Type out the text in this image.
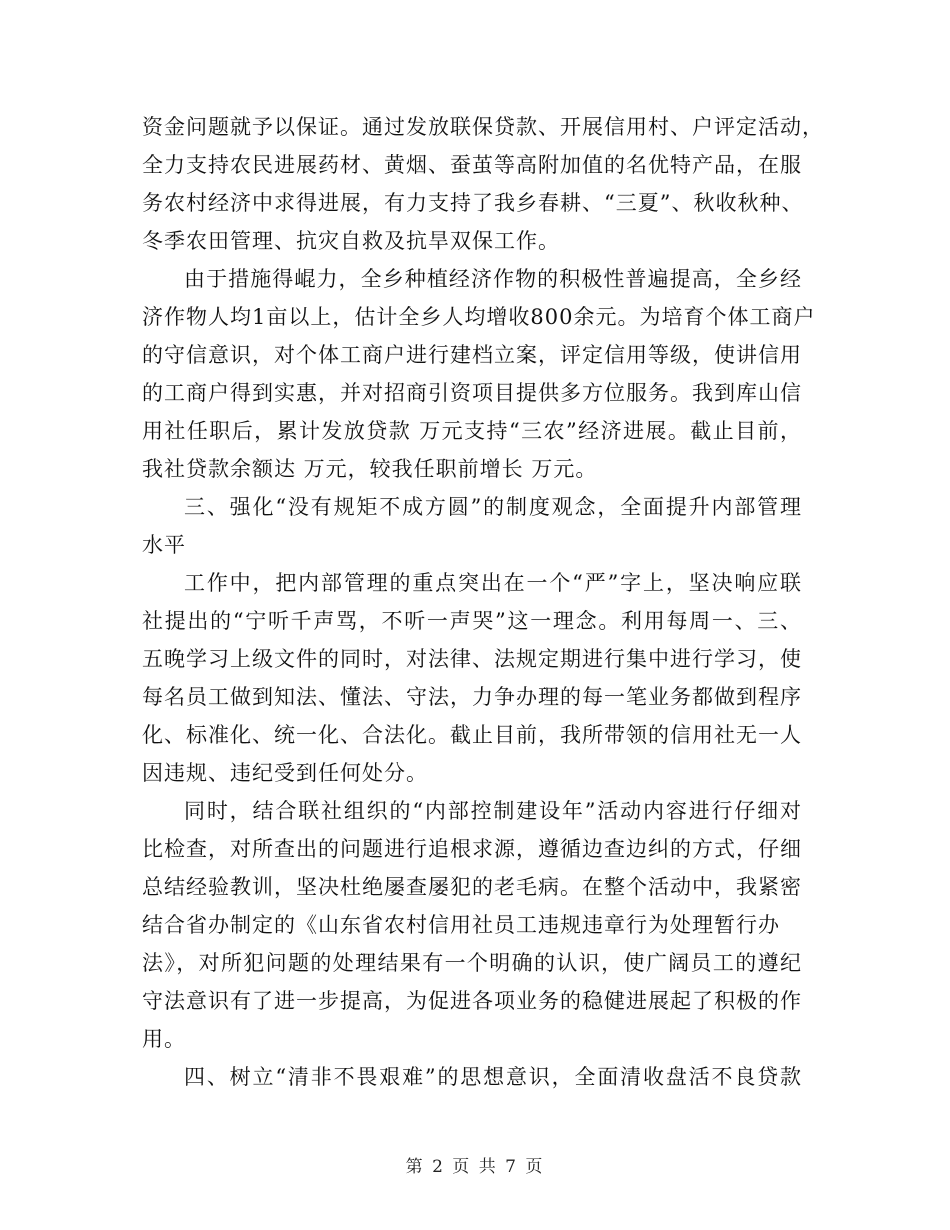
资金问题就予以保证。通过发放联保贷款、开展信用村、户评定活动，
全力支持农民进展药材、黄烟、蚕茧等高附加值的名优特产品，在服
务农村经济中求得进展，有力支持了我乡春耕、“三夏”、秋收秋种、
冬季农田管理、抗灾自救及抗旱双保工作。
由于措施得崐力，全乡种植经济作物的积极性普遍提高，全乡经
济作物人均1亩以上，估计全乡人均增收800余元。为培育个体工商户
的守信意识，对个体工商户进行建档立案，评定信用等级，使讲信用
的工商户得到实惠，并对招商引资项目提供多方位服务。我到库山信
用社任职后，累计发放贷款 万元支持“三农”经济进展。截止目前，
我社贷款余额达 万元，较我任职前增长 万元。
三、强化“没有规矩不成方圆”的制度观念，全面提升内部管理
水平
工作中，把内部管理的重点突出在一个“严”字上，坚决响应联
社提出的“宁听千声骂，不听一声哭”这一理念。利用每周一、三、
五晚学习上级文件的同时，对法律、法规定期进行集中进行学习，使
每名员工做到知法、懂法、守法，力争办理的每一笔业务都做到程序
化、标准化、统一化、合法化。截止目前，我所带领的信用社无一人
因违规、违纪受到任何处分。
同时，结合联社组织的“内部控制建设年”活动内容进行仔细对
比检查，对所查出的问题进行追根求源，遵循边查边纠的方式，仔细
总结经验教训，坚决杜绝屡查屡犯的老毛病。在整个活动中，我紧密
结合省办制定的《山东省农村信用社员工违规违章行为处理暂行办
法》，对所犯问题的处理结果有一个明确的认识，使广阔员工的遵纪
守法意识有了进一步提高，为促进各项业务的稳健进展起了积极的作
用。
四、树立“清非不畏艰难”的思想意识，全面清收盘活不良贷款
第 2 页 共 7 页
